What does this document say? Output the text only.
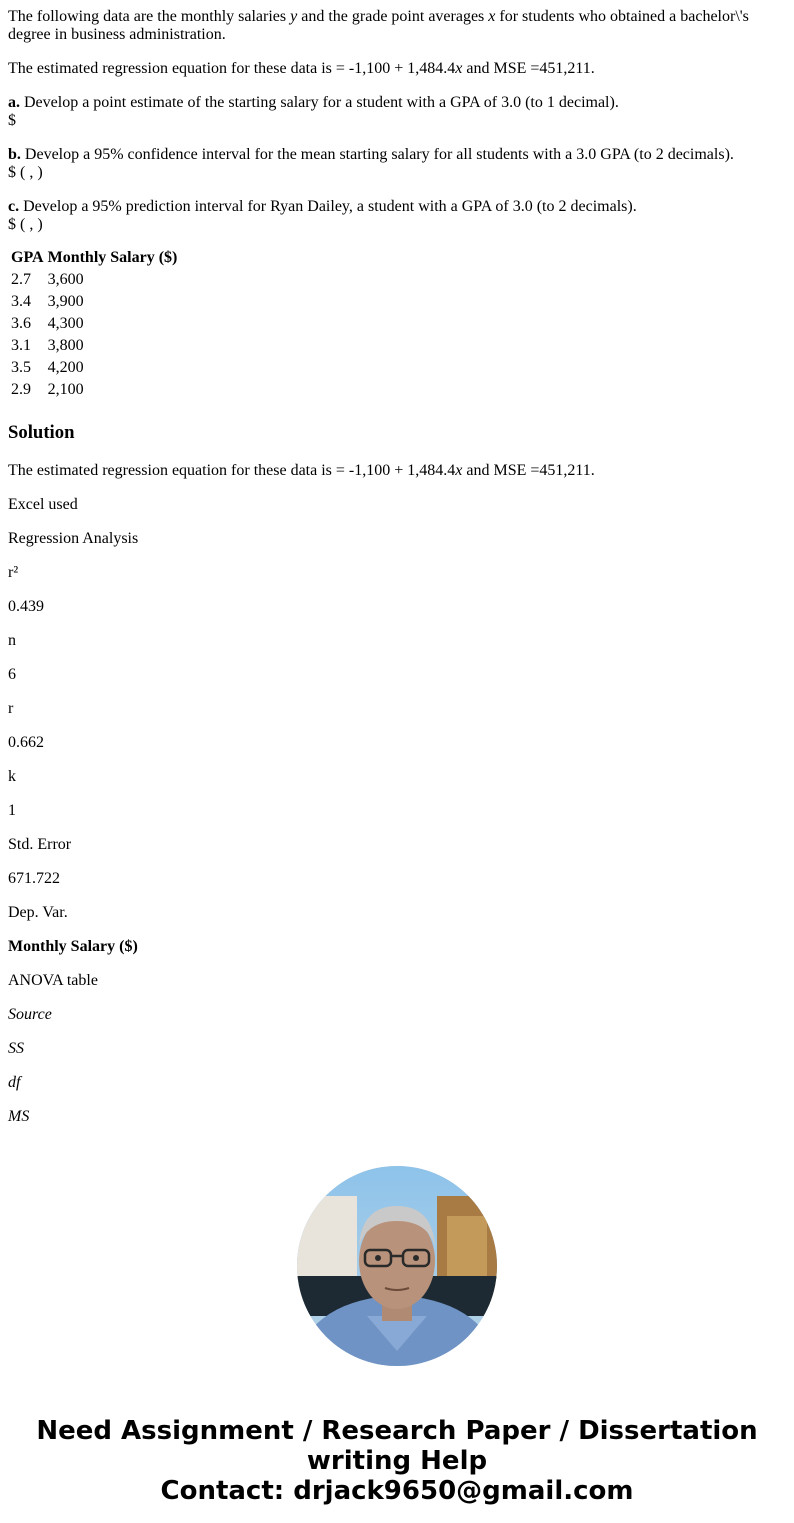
The following data are the monthly salaries y and the grade point averages x for students who obtained a bachelor\'s degree in business administration.

The estimated regression equation for these data is = -1,100 + 1,484.4x and MSE =451,211.

a. Develop a point estimate of the starting salary for a student with a GPA of 3.0 (to 1 decimal).
$

b. Develop a 95% confidence interval for the mean starting salary for all students with a 3.0 GPA (to 2 decimals).
$ ( , )

c. Develop a 95% prediction interval for Ryan Dailey, a student with a GPA of 3.0 (to 2 decimals).
$ ( , )

GPA	Monthly Salary ($)
2.7	3,600
3.4	3,900
3.6	4,300
3.1	3,800
3.5	4,200
2.9	2,100
Solution

The estimated regression equation for these data is = -1,100 + 1,484.4x and MSE =451,211.

Excel used

Regression Analysis

r²

0.439

n

6

r

0.662

k

1

Std. Error

671.722

Dep. Var.

Monthly Salary ($)

ANOVA table

Source

SS

df

MS

Need Assignment / Research Paper / Dissertation
writing Help
Contact: drjack9650@gmail.com
